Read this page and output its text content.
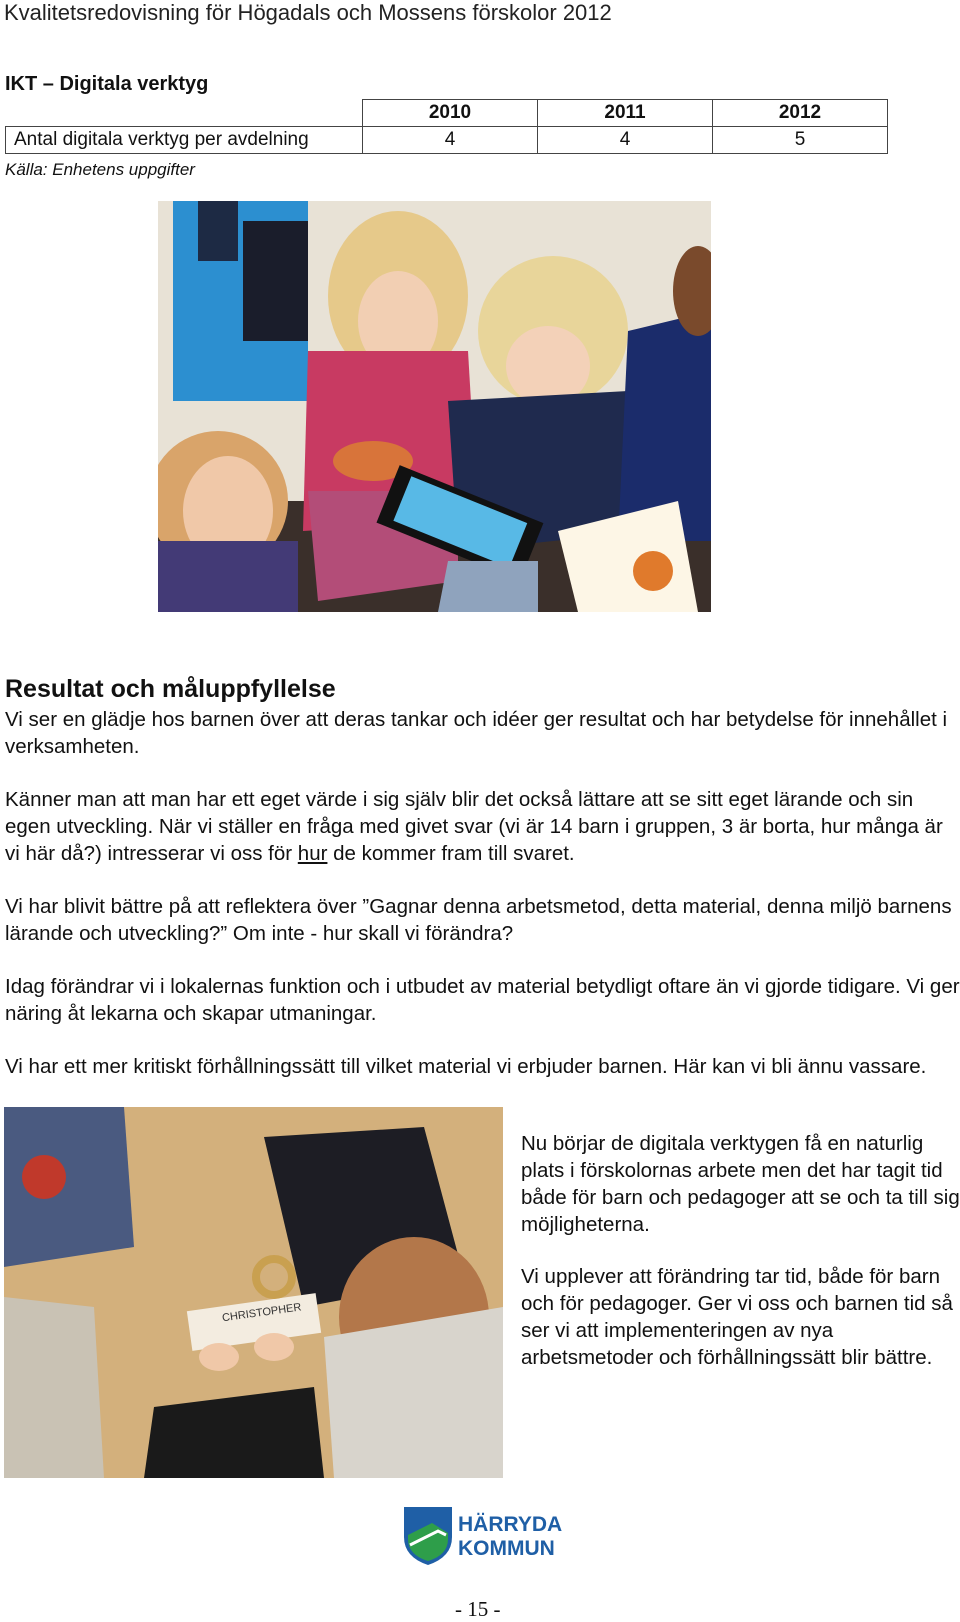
Kvalitetsredovisning för Högadals och Mossens förskolor 2012
IKT – Digitala verktyg
	2010	2011	2012
Antal digitala verktyg per avdelning	4	4	5
Källa: Enhetens uppgifter
Resultat och måluppfyllelse

Vi ser en glädje hos barnen över att deras tankar och idéer ger resultat och har betydelse för innehållet i verksamheten.

Känner man att man har ett eget värde i sig själv blir det också lättare att se sitt eget lärande och sin egen utveckling. När vi ställer en fråga med givet svar (vi är 14 barn i gruppen, 3 är borta, hur många är vi här då?) intresserar vi oss för hur de kommer fram till svaret.

Vi har blivit bättre på att reflektera över ”Gagnar denna arbetsmetod, detta material, denna miljö barnens lärande och utveckling?” Om inte - hur skall vi förändra?

Idag förändrar vi i lokalernas funktion och i utbudet av material betydligt oftare än vi gjorde tidigare. Vi ger näring åt lekarna och skapar utmaningar.

Vi har ett mer kritiskt förhållningssätt till vilket material vi erbjuder barnen. Här kan vi bli ännu vassare.

CHRISTOPHER

Nu börjar de digitala verktygen få en naturlig plats i förskolornas arbete men det har tagit tid både för barn och pedagoger att se och ta till sig möjligheterna.

Vi upplever att förändring tar tid, både för barn och för pedagoger. Ger vi oss och barnen tid så ser vi att implementeringen av nya arbetsmetoder och förhållningssätt blir bättre.

HÄRRYDA
KOMMUN
- 15 -
